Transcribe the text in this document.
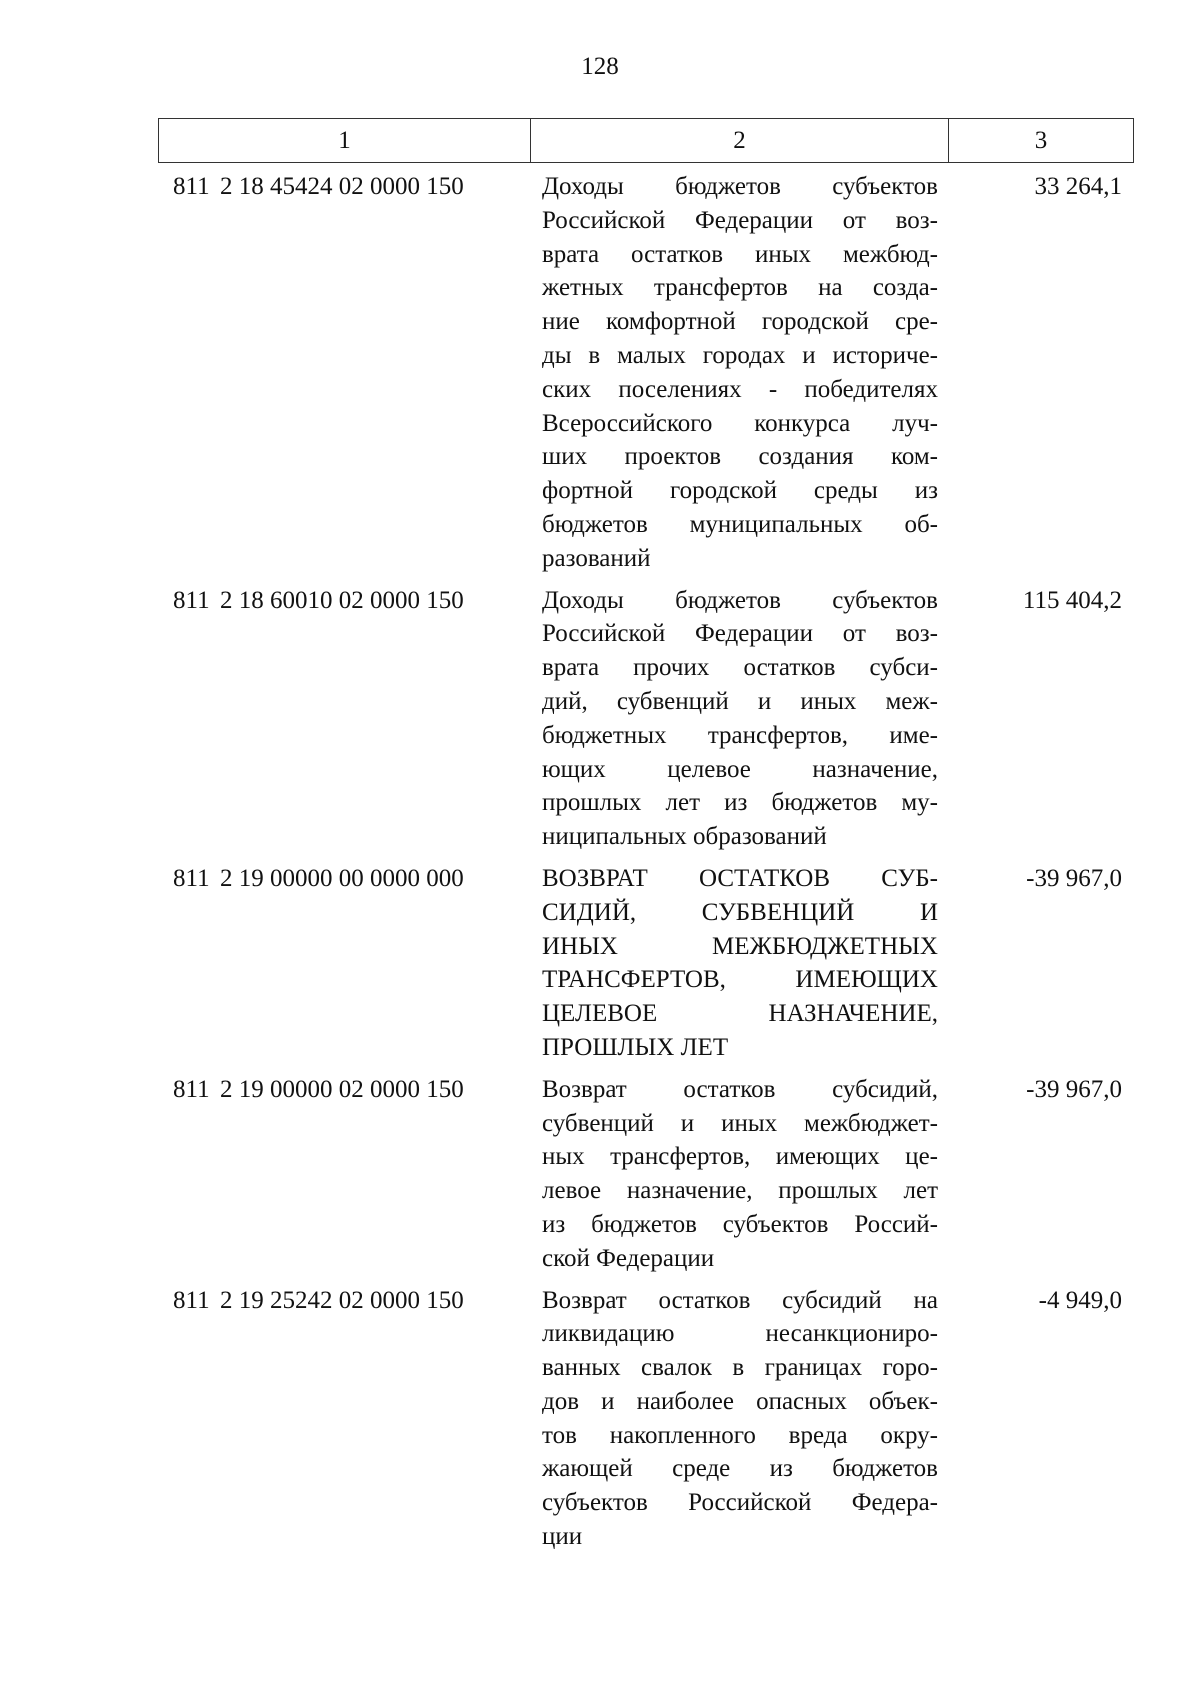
128
1	2	3
811 2 18 45424 02 0000 150	Доходы бюджетов субъектов
Российской Федерации от воз-
врата остатков иных межбюд-
жетных трансфертов на созда-
ние комфортной городской сре-
ды в малых городах и историче-
ских поселениях - победителях
Всероссийского конкурса луч-
ших проектов создания ком-
фортной городской среды из
бюджетов муниципальных об-
разований
33 264,1
811 2 18 60010 02 0000 150	Доходы бюджетов субъектов
Российской Федерации от воз-
врата прочих остатков субси-
дий, субвенций и иных меж-
бюджетных трансфертов, име-
ющих целевое назначение,
прошлых лет из бюджетов му-
ниципальных образований
115 404,2
811 2 19 00000 00 0000 000	ВОЗВРАТ ОСТАТКОВ СУБ-
СИДИЙ, СУБВЕНЦИЙ И
ИНЫХ МЕЖБЮДЖЕТНЫХ
ТРАНСФЕРТОВ, ИМЕЮЩИХ
ЦЕЛЕВОЕ НАЗНАЧЕНИЕ,
ПРОШЛЫХ ЛЕТ
-39 967,0
811 2 19 00000 02 0000 150	Возврат остатков субсидий,
субвенций и иных межбюджет-
ных трансфертов, имеющих це-
левое назначение, прошлых лет
из бюджетов субъектов Россий-
ской Федерации
-39 967,0
811 2 19 25242 02 0000 150	Возврат остатков субсидий на
ликвидацию несанкциониро-
ванных свалок в границах горо-
дов и наиболее опасных объек-
тов накопленного вреда окру-
жающей среде из бюджетов
субъектов Российской Федера-
ции
-4 949,0
